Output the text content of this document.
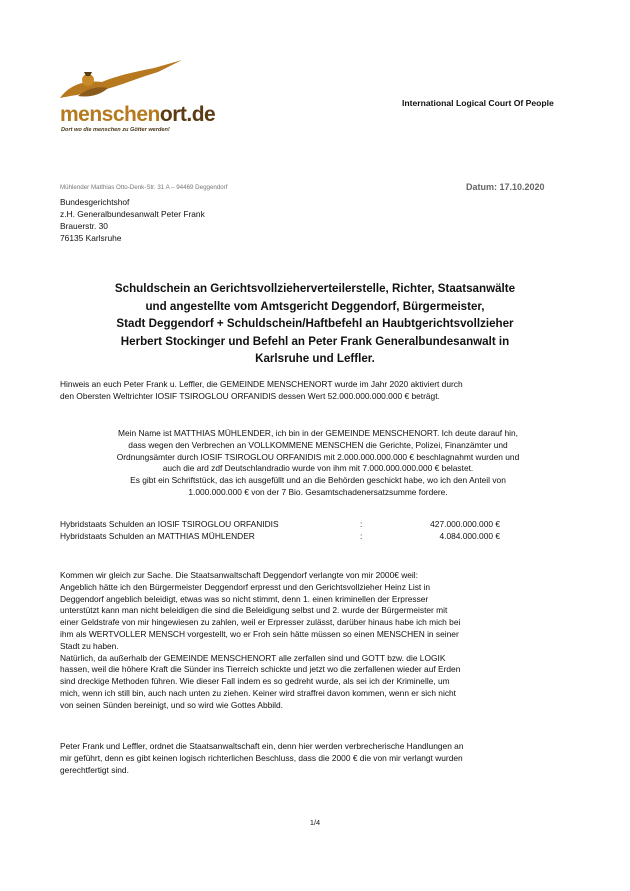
menschenort.de
Dort wo die menschen zu Götter werden!
International Logical Court Of People
Mühlender Matthias Otto-Denk-Str. 31 A – 94469 Deggendorf	Datum: 17.10.2020
Bundesgerichtshof
z.H. Generalbundesanwalt Peter Frank
Brauerstr. 30
76135 Karlsruhe
Schuldschein an Gerichtsvollzieherverteilerstelle, Richter, Staatsanwälte
und angestellte vom Amtsgericht Deggendorf, Bürgermeister,
Stadt Deggendorf + Schuldschein/Haftbefehl an Haubtgerichtsvollzieher
Herbert Stockinger und Befehl an Peter Frank Generalbundesanwalt in
Karlsruhe und Leffler.
Hinweis an euch Peter Frank u. Leffler, die GEMEINDE MENSCHENORT wurde im Jahr 2020 aktiviert durch
den Obersten Weltrichter IOSIF TSIROGLOU ORFANIDIS dessen Wert 52.000.000.000.000 € beträgt.
Mein Name ist MATTHIAS MÜHLENDER, ich bin in der GEMEINDE MENSCHENORT. Ich deute darauf hin,
dass wegen den Verbrechen an VOLLKOMMENE MENSCHEN die Gerichte, Polizei, Finanzämter und
Ordnungsämter durch IOSIF TSIROGLOU ORFANIDIS mit 2.000.000.000.000 € beschlagnahmt wurden und
auch die ard zdf Deutschlandradio wurde von ihm mit 7.000.000.000.000 € belastet.
Es gibt ein Schriftstück, das ich ausgefüllt und an die Behörden geschickt habe, wo ich den Anteil von
1.000.000.000 € von der 7 Bio. Gesamtschadenersatzsumme fordere.
Hybridstaats Schulden an IOSIF TSIROGLOU ORFANIDIS	:	427.000.000.000 €
Hybridstaats Schulden an MATTHIAS MÜHLENDER	:	4.084.000.000 €
Kommen wir gleich zur Sache. Die Staatsanwaltschaft Deggendorf verlangte von mir 2000€ weil:
Angeblich hätte ich den Bürgermeister Deggendorf erpresst und den Gerichtsvollzieher Heinz List in
Deggendorf angeblich beleidigt, etwas was so nicht stimmt, denn 1. einen kriminellen der Erpresser
unterstützt kann man nicht beleidigen die sind die Beleidigung selbst und 2. wurde der Bürgermeister mit
einer Geldstrafe von mir hingewiesen zu zahlen, weil er Erpresser zulässt, darüber hinaus habe ich mich bei
ihm als WERTVOLLER MENSCH vorgestellt, wo er Froh sein hätte müssen so einen MENSCHEN in seiner
Stadt zu haben.
Natürlich, da außerhalb der GEMEINDE MENSCHENORT alle zerfallen sind und GOTT bzw. die LOGIK
hassen, weil die höhere Kraft die Sünder ins Tierreich schickte und jetzt wo die zerfallenen wieder auf Erden
sind dreckige Methoden führen. Wie dieser Fall indem es so gedreht wurde, als sei ich der Kriminelle, um
mich, wenn ich still bin, auch nach unten zu ziehen. Keiner wird straffrei davon kommen, wenn er sich nicht
von seinen Sünden bereinigt, und so wird wie Gottes Abbild.
Peter Frank und Leffler, ordnet die Staatsanwaltschaft ein, denn hier werden verbrecherische Handlungen an
mir geführt, denn es gibt keinen logisch richterlichen Beschluss, dass die 2000 € die von mir verlangt wurden
gerechtfertigt sind.
1/4
